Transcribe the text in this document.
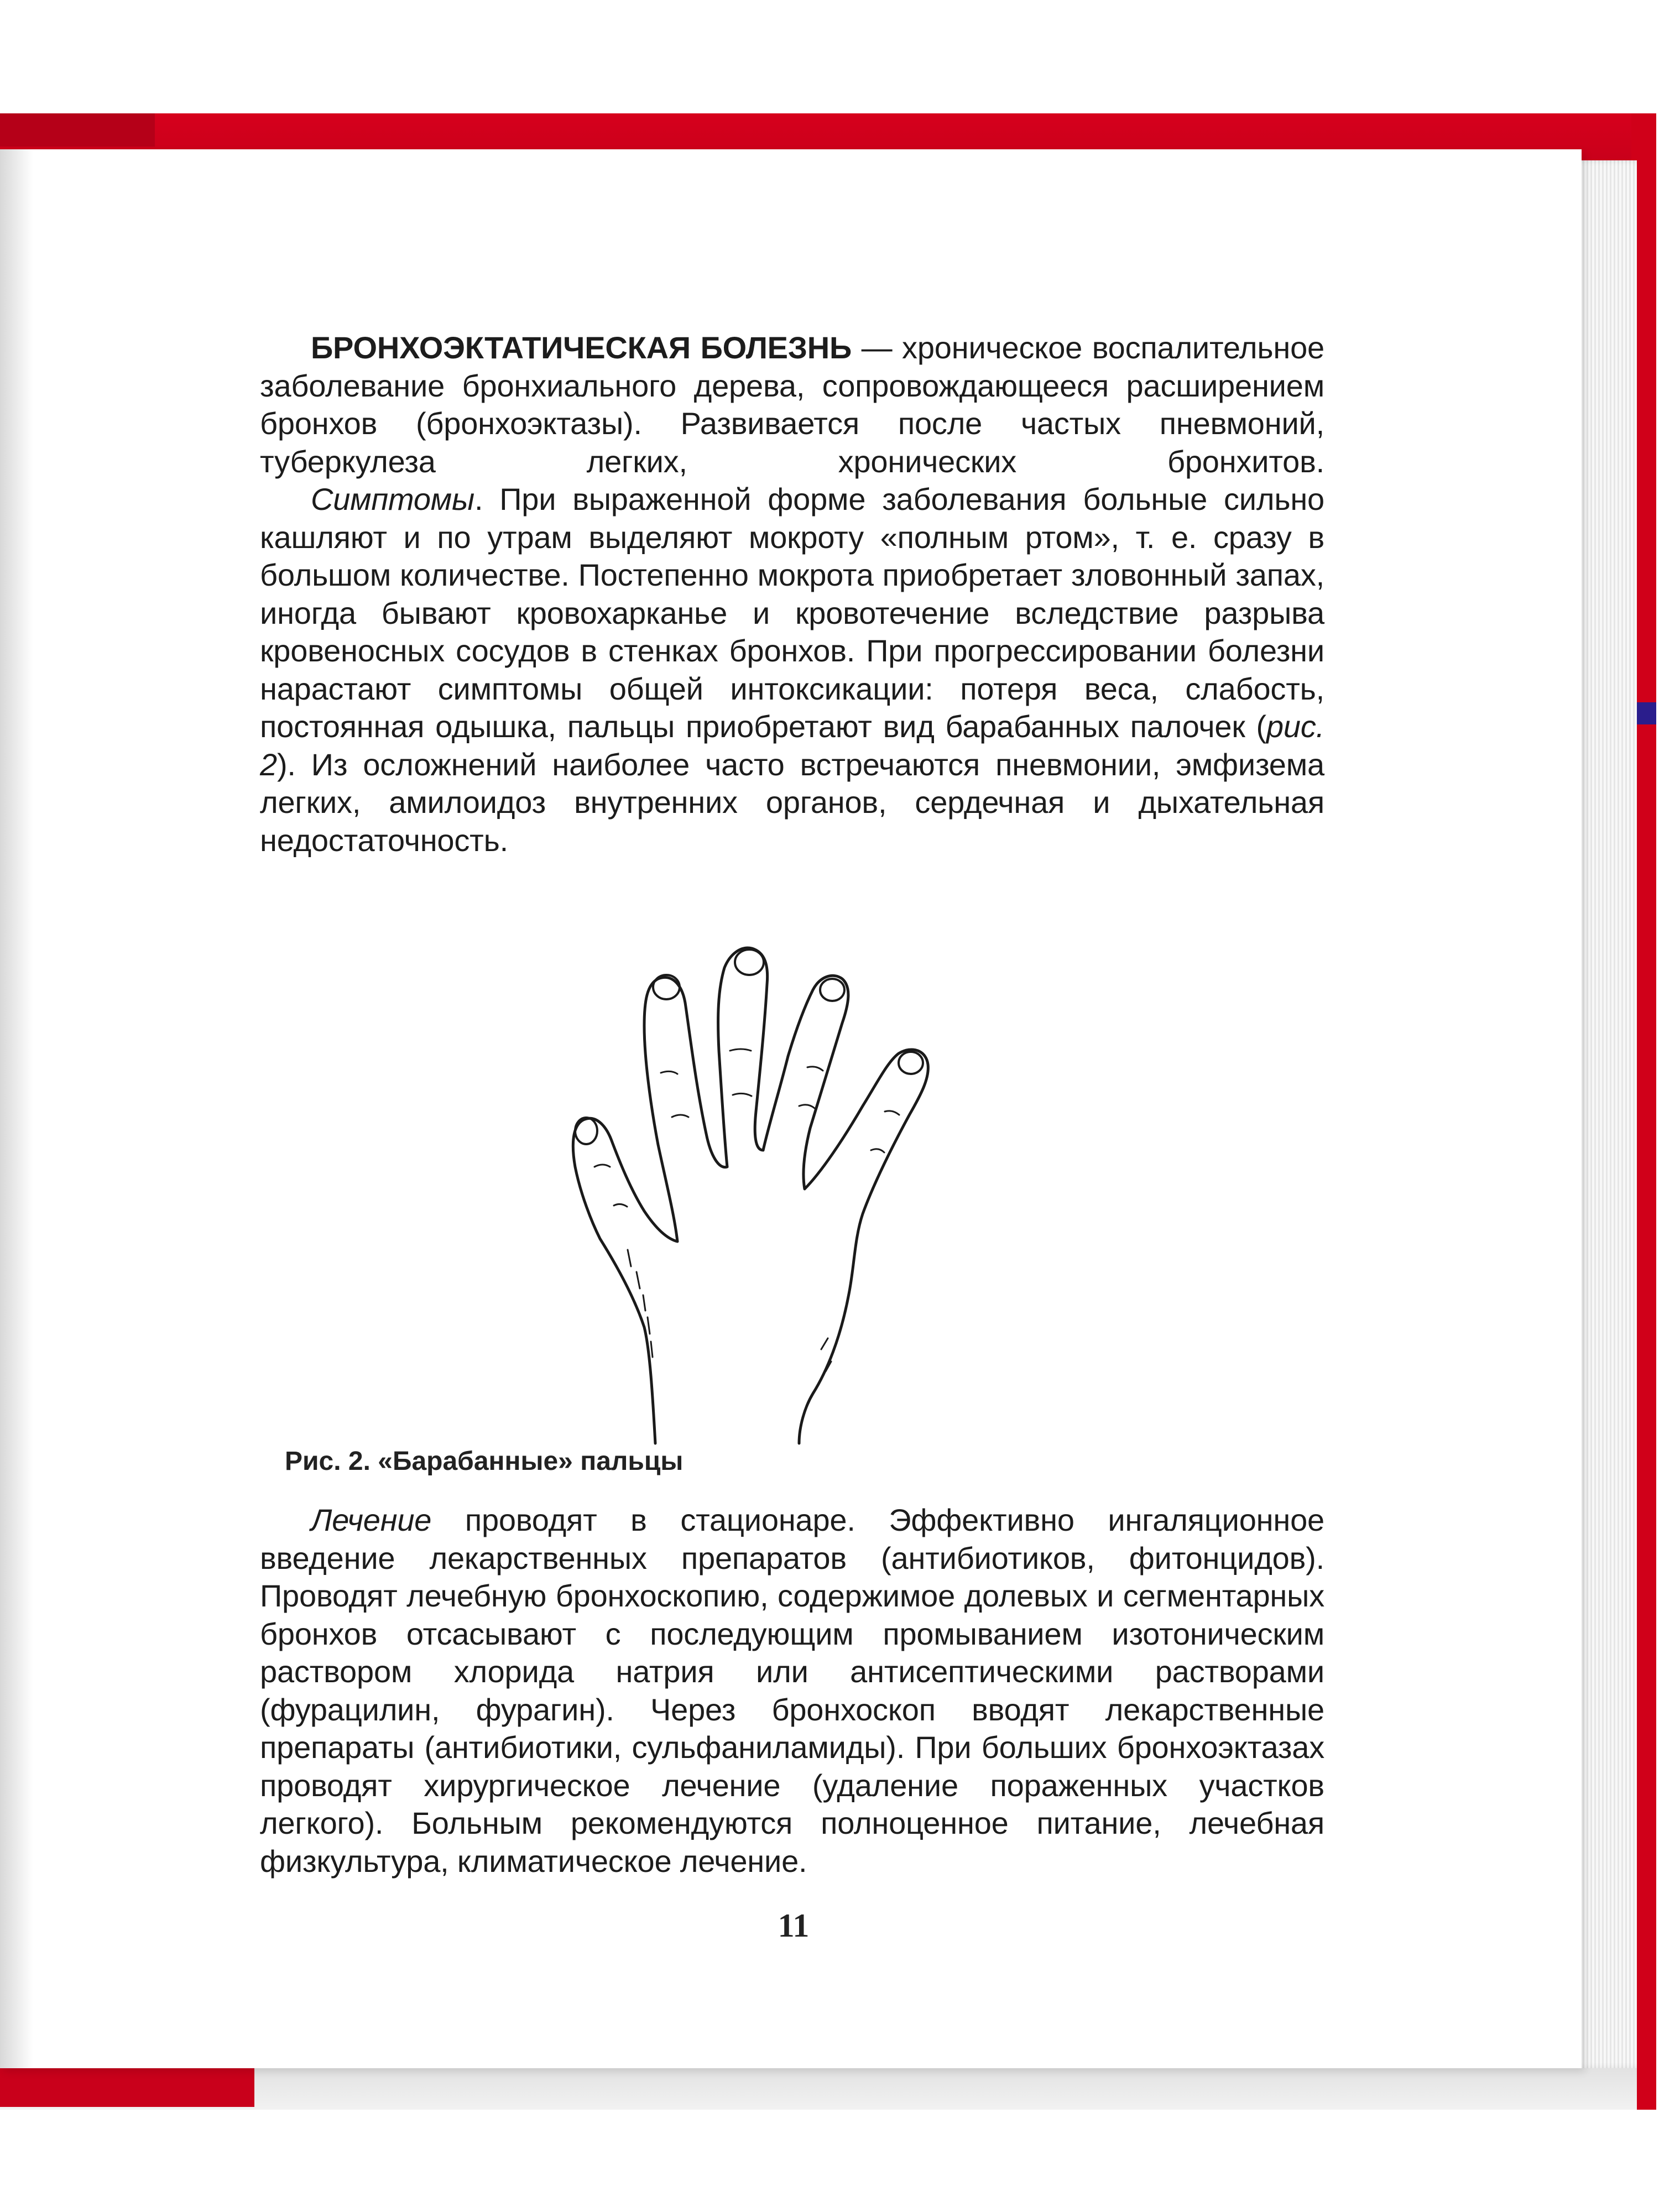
БРОНХОЭКТАТИЧЕСКАЯ БОЛЕЗНЬ — хроническое воспалительное заболевание бронхиального дерева, сопровождающееся расширением бронхов (бронхоэктазы). Развивается после частых пневмоний, туберкулеза легких, хронических бронхитов.

Симптомы. При выраженной форме заболевания больные сильно кашляют и по утрам выделяют мокроту «полным ртом», т. е. сразу в большом количестве. Постепенно мокрота приобретает зловонный запах, иногда бывают кровохарканье и кровотечение вследствие разрыва кровеносных сосудов в стенках бронхов. При прогрессировании болезни нарастают симптомы общей интоксикации: потеря веса, слабость, постоянная одышка, пальцы приобретают вид барабанных палочек (рис. 2). Из осложнений наиболее часто встречаются пневмонии, эмфизема легких, амилоидоз внутренних органов, сердечная и дыхательная недостаточность.

Рис. 2. «Барабанные» пальцы

Лечение проводят в стационаре. Эффективно ингаляционное введение лекарственных препаратов (антибиотиков, фитонцидов). Проводят лечебную бронхоскопию, содержимое долевых и сегментарных бронхов отсасывают с последующим промыванием изотоническим раствором хлорида натрия или антисептическими растворами (фурацилин, фурагин). Через бронхоскоп вводят лекарственные препараты (антибиотики, сульфаниламиды). При больших бронхоэктазах проводят хирургическое лечение (удаление пораженных участков легкого). Больным рекомендуются полноценное питание, лечебная физкультура, климатическое лечение.

11
